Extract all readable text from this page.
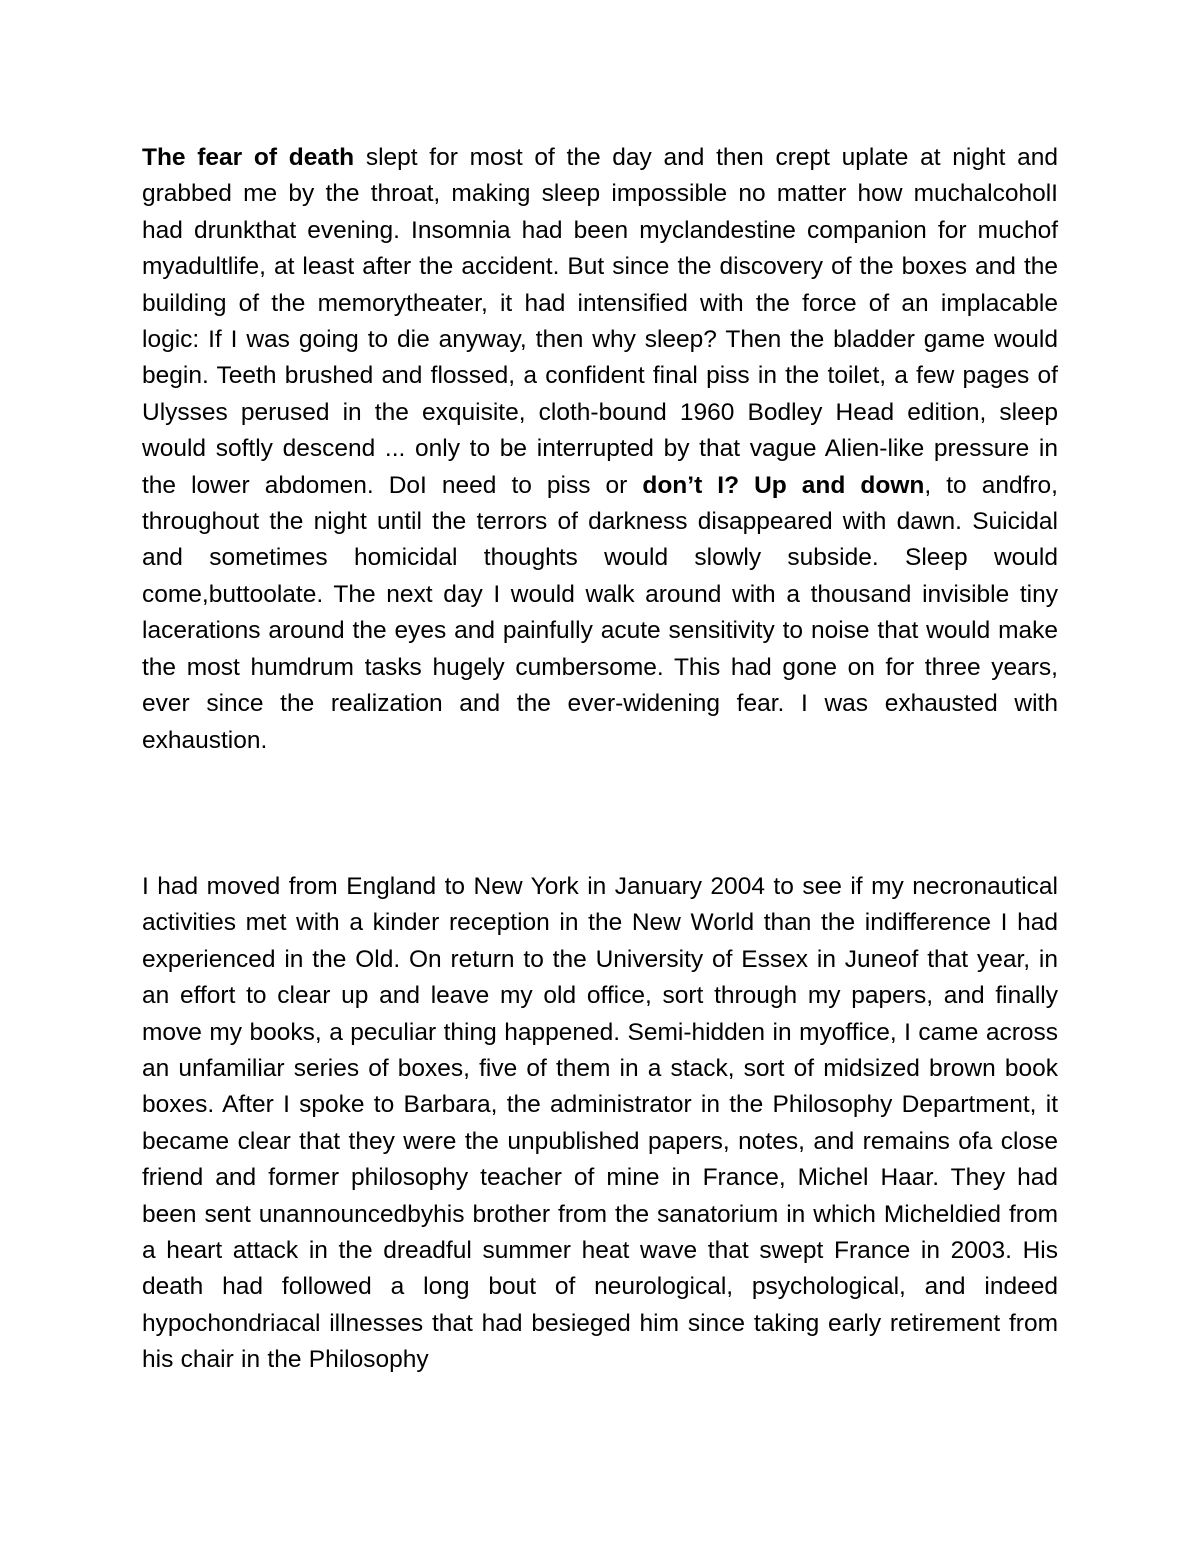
The fear of death slept for most of the day and then crept uplate at night and grabbed me by the throat, making sleep impossible no matter how muchalcoholI had drunkthat evening. Insomnia had been myclandestine companion for muchof myadultlife, at least after the accident. But since the discovery of the boxes and the building of the memorytheater, it had intensified with the force of an implacable logic: If I was going to die anyway, then why sleep? Then the bladder game would begin. Teeth brushed and flossed, a confident final piss in the toilet, a few pages of Ulysses perused in the exquisite, cloth-bound 1960 Bodley Head edition, sleep would softly descend ... only to be interrupted by that vague Alien-like pressure in the lower abdomen. DoI need to piss or don’t I? Up and down, to andfro, throughout the night until the terrors of darkness disappeared with dawn. Suicidal and sometimes homicidal thoughts would slowly subside. Sleep would come,buttoolate. The next day I would walk around with a thousand invisible tiny lacerations around the eyes and painfully acute sensitivity to noise that would make the most humdrum tasks hugely cumbersome. This had gone on for three years, ever since the realization and the ever-widening fear. I was exhausted with exhaustion.

I had moved from England to New York in January 2004 to see if my necronautical activities met with a kinder reception in the New World than the indifference I had experienced in the Old. On return to the University of Essex in Juneof that year, in an effort to clear up and leave my old office, sort through my papers, and finally move my books, a peculiar thing happened. Semi-hidden in myoffice, I came across an unfamiliar series of boxes, five of them in a stack, sort of midsized brown book boxes. After I spoke to Barbara, the administrator in the Philosophy Department, it became clear that they were the unpublished papers, notes, and remains ofa close friend and former philosophy teacher of mine in France, Michel Haar. They had been sent unannouncedbyhis brother from the sanatorium in which Micheldied from a heart attack in the dreadful summer heat wave that swept France in 2003. His death had followed a long bout of neurological, psychological, and indeed hypochondriacal illnesses that had besieged him since taking early retirement from his chair in the Philosophy
